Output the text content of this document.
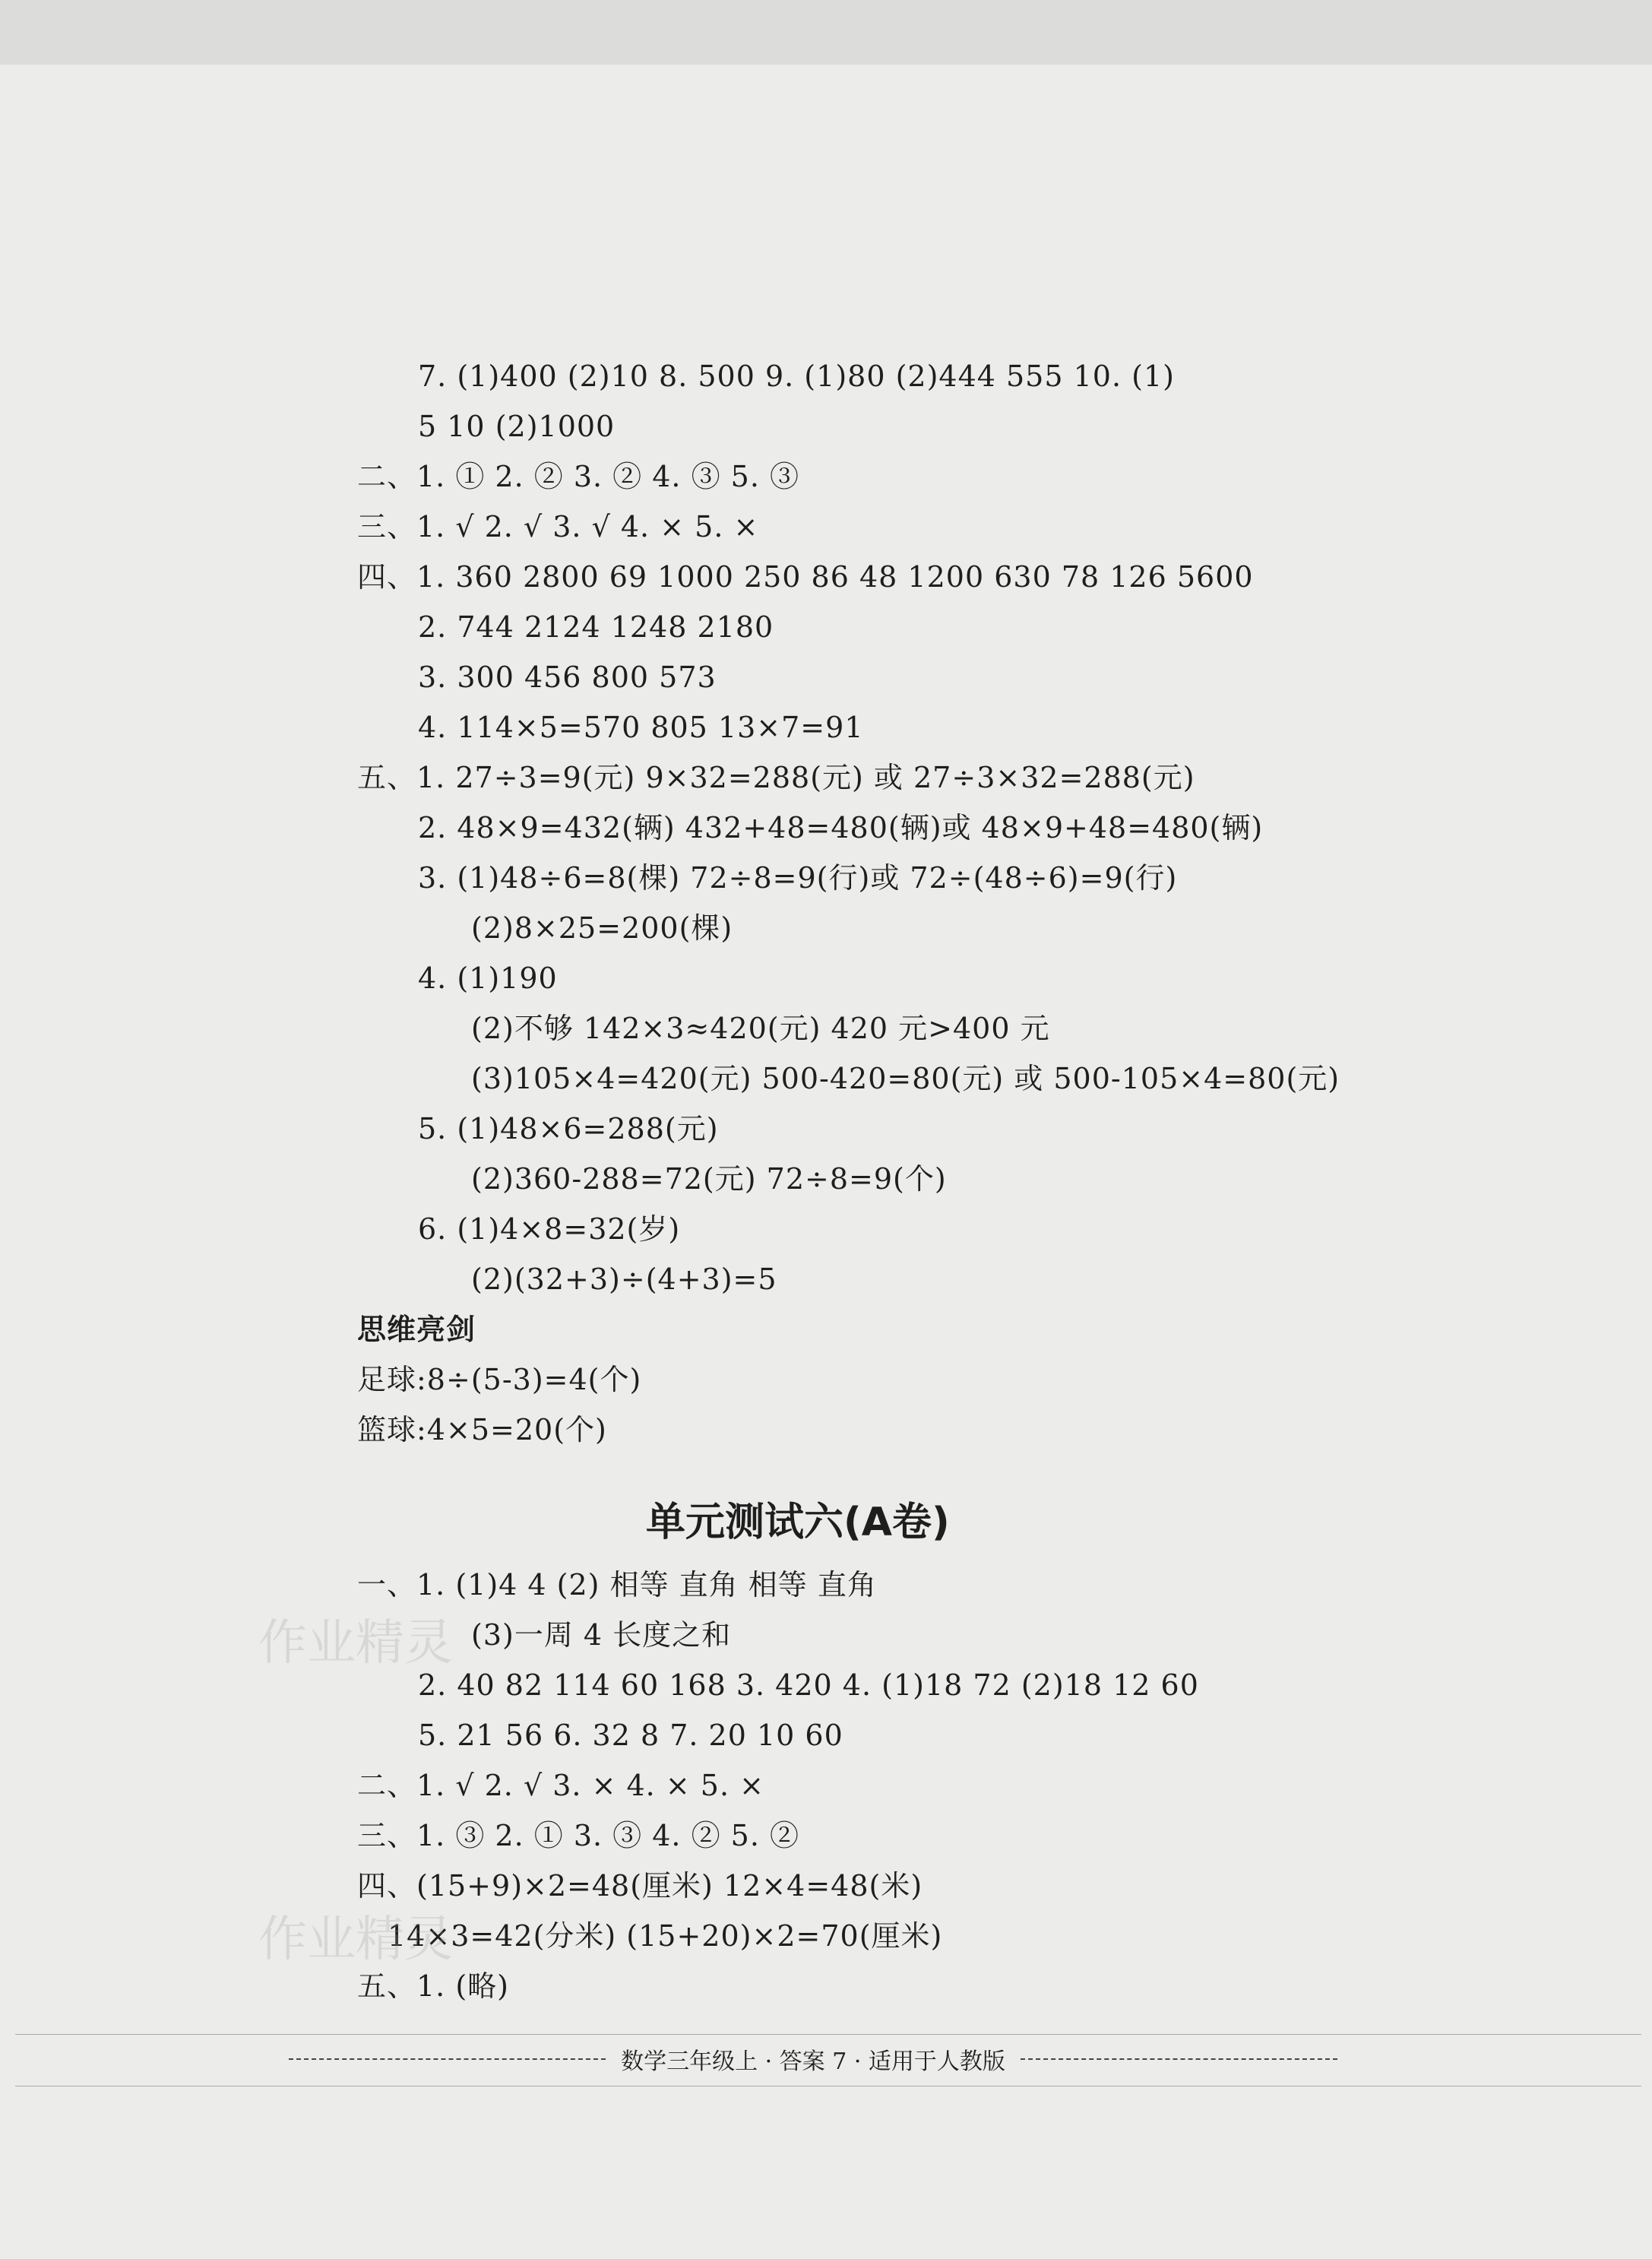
7. (1)400 (2)10 8. 500 9. (1)80 (2)444 555 10. (1)
5 10 (2)1000
二、1. ① 2. ② 3. ② 4. ③ 5. ③
三、1. √ 2. √ 3. √ 4. × 5. ×
四、1. 360 2800 69 1000 250 86 48 1200 630 78 126 5600
2. 744 2124 1248 2180
3. 300 456 800 573
4. 114×5=570 805 13×7=91
五、1. 27÷3=9(元) 9×32=288(元) 或 27÷3×32=288(元)
2. 48×9=432(辆) 432+48=480(辆)或 48×9+48=480(辆)
3. (1)48÷6=8(棵) 72÷8=9(行)或 72÷(48÷6)=9(行)
(2)8×25=200(棵)
4. (1)190
(2)不够 142×3≈420(元) 420 元>400 元
(3)105×4=420(元) 500-420=80(元) 或 500-105×4=80(元)
5. (1)48×6=288(元)
(2)360-288=72(元) 72÷8=9(个)
6. (1)4×8=32(岁)
(2)(32+3)÷(4+3)=5
思维亮剑
足球:8÷(5-3)=4(个)
篮球:4×5=20(个)
单元测试六(A卷)
一、1. (1)4 4 (2) 相等 直角 相等 直角
(3)一周 4 长度之和
2. 40 82 114 60 168 3. 420 4. (1)18 72 (2)18 12 60
5. 21 56 6. 32 8 7. 20 10 60
二、1. √ 2. √ 3. × 4. × 5. ×
三、1. ③ 2. ① 3. ③ 4. ② 5. ②
四、(15+9)×2=48(厘米) 12×4=48(米)
14×3=42(分米) (15+20)×2=70(厘米)
五、1. (略)
作业精灵
作业精灵
数学三年级上 · 答案 7 · 适用于人教版
